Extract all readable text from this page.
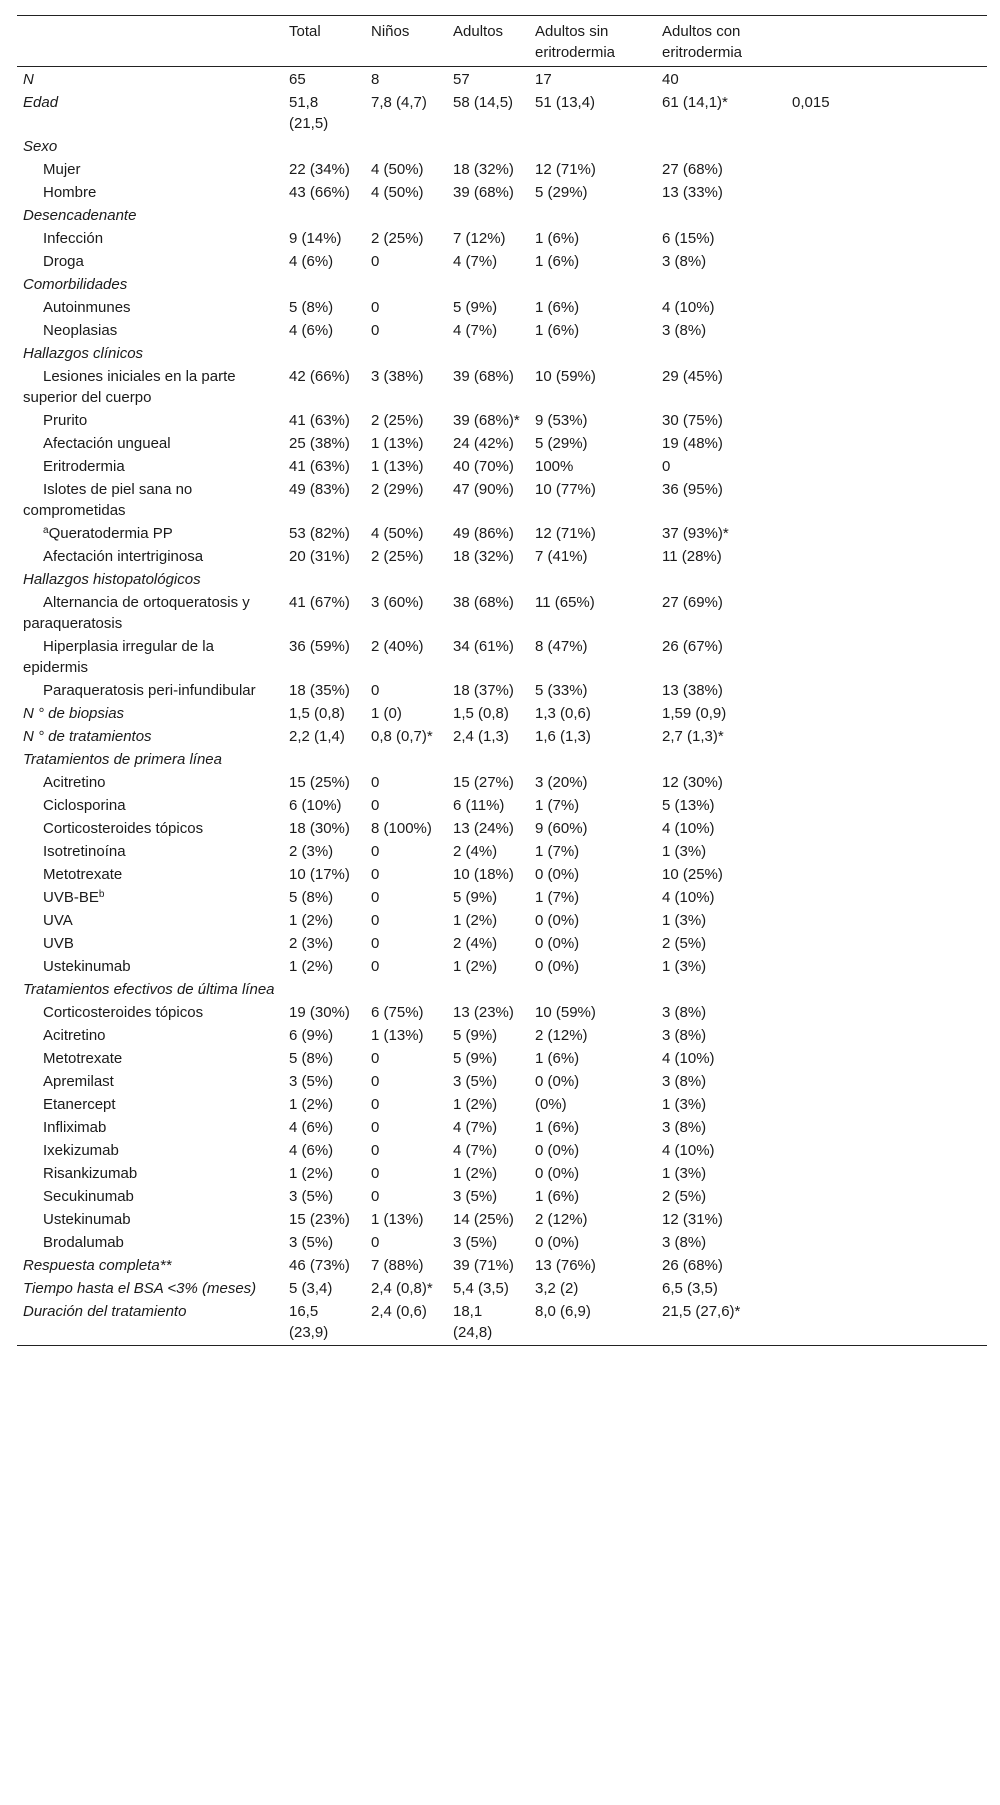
	Total	Niños	Adultos	Adultos sin eritrodermia	Adultos con eritrodermia	
N	65	8	57	17	40	
Edad	51,8 (21,5)	7,8 (4,7)	58 (14,5)	51 (13,4)	61 (14,1)*	0,015
Sexo						
Mujer	22 (34%)	4 (50%)	18 (32%)	12 (71%)	27 (68%)	
Hombre	43 (66%)	4 (50%)	39 (68%)	5 (29%)	13 (33%)	
Desencadenante						
Infección	9 (14%)	2 (25%)	7 (12%)	1 (6%)	6 (15%)	
Droga	4 (6%)	0	4 (7%)	1 (6%)	3 (8%)	
Comorbilidades						
Autoinmunes	5 (8%)	0	5 (9%)	1 (6%)	4 (10%)	
Neoplasias	4 (6%)	0	4 (7%)	1 (6%)	3 (8%)	
Hallazgos clínicos						
Lesiones iniciales en la parte superior del cuerpo	42 (66%)	3 (38%)	39 (68%)	10 (59%)	29 (45%)	
Prurito	41 (63%)	2 (25%)	39 (68%)*	9 (53%)	30 (75%)	
Afectación ungueal	25 (38%)	1 (13%)	24 (42%)	5 (29%)	19 (48%)	
Eritrodermia	41 (63%)	1 (13%)	40 (70%)	100%	0	
Islotes de piel sana no comprometidas	49 (83%)	2 (29%)	47 (90%)	10 (77%)	36 (95%)	
$^a$Queratodermia PP	53 (82%)	4 (50%)	49 (86%)	12 (71%)	37 (93%)*	
Afectación intertriginosa	20 (31%)	2 (25%)	18 (32%)	7 (41%)	11 (28%)	
Hallazgos histopatológicos						
Alternancia de ortoqueratosis y paraqueratosis	41 (67%)	3 (60%)	38 (68%)	11 (65%)	27 (69%)	
Hiperplasia irregular de la epidermis	36 (59%)	2 (40%)	34 (61%)	8 (47%)	26 (67%)	
Paraqueratosis peri-infundibular	18 (35%)	0	18 (37%)	5 (33%)	13 (38%)	
N ° de biopsias	1,5 (0,8)	1 (0)	1,5 (0,8)	1,3 (0,6)	1,59 (0,9)	
N ° de tratamientos	2,2 (1,4)	0,8 (0,7)*	2,4 (1,3)	1,6 (1,3)	2,7 (1,3)*	
Tratamientos de primera línea						
Acitretino	15 (25%)	0	15 (27%)	3 (20%)	12 (30%)	
Ciclosporina	6 (10%)	0	6 (11%)	1 (7%)	5 (13%)	
Corticosteroides tópicos	18 (30%)	8 (100%)	13 (24%)	9 (60%)	4 (10%)	
Isotretinoína	2 (3%)	0	2 (4%)	1 (7%)	1 (3%)	
Metotrexate	10 (17%)	0	10 (18%)	0 (0%)	10 (25%)	
UVB-$BE^b$	5 (8%)	0	5 (9%)	1 (7%)	4 (10%)	
UVA	1 (2%)	0	1 (2%)	0 (0%)	1 (3%)	
UVB	2 (3%)	0	2 (4%)	0 (0%)	2 (5%)	
Ustekinumab	1 (2%)	0	1 (2%)	0 (0%)	1 (3%)	
Tratamientos efectivos de última línea						
Corticosteroides tópicos	19 (30%)	6 (75%)	13 (23%)	10 (59%)	3 (8%)	
Acitretino	6 (9%)	1 (13%)	5 (9%)	2 (12%)	3 (8%)	
Metotrexate	5 (8%)	0	5 (9%)	1 (6%)	4 (10%)	
Apremilast	3 (5%)	0	3 (5%)	0 (0%)	3 (8%)	
Etanercept	1 (2%)	0	1 (2%)	(0%)	1 (3%)	
Infliximab	4 (6%)	0	4 (7%)	1 (6%)	3 (8%)	
Ixekizumab	4 (6%)	0	4 (7%)	0 (0%)	4 (10%)	
Risankizumab	1 (2%)	0	1 (2%)	0 (0%)	1 (3%)	
Secukinumab	3 (5%)	0	3 (5%)	1 (6%)	2 (5%)	
Ustekinumab	15 (23%)	1 (13%)	14 (25%)	2 (12%)	12 (31%)	
Brodalumab	3 (5%)	0	3 (5%)	0 (0%)	3 (8%)	
Respuesta completa**	46 (73%)	7 (88%)	39 (71%)	13 (76%)	26 (68%)	
Tiempo hasta el BSA <3% (meses)	5 (3,4)	2,4 (0,8)*	5,4 (3,5)	3,2 (2)	6,5 (3,5)	
Duración del tratamiento	16,5 (23,9)	2,4 (0,6)	18,1 (24,8)	8,0 (6,9)	21,5 (27,6)*	
